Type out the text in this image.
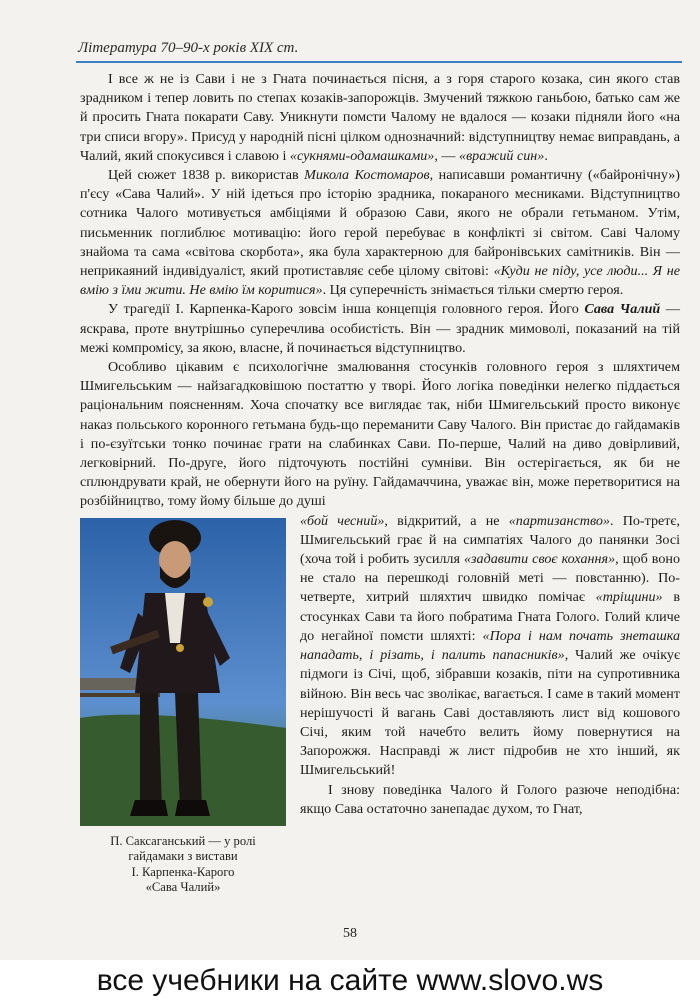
Література 70–90-х років XIX ст.

І все ж не із Сави і не з Гната починається пісня, а з горя старого козака, син якого став зрадником і тепер ловить по степах козаків-запорожців. Змучений тяжкою ганьбою, батько сам же й просить Гната покарати Саву. Уникнути помсти Чалому не вдалося — козаки підняли його «на три списи вгору». Присуд у народній пісні цілком однозначний: відступництву немає виправдань, а Чалий, який спокусився і славою і «сукнями-одамашками», — «вражий син».

Цей сюжет 1838 р. використав Микола Костомаров, написавши романтичну («байронічну») п'єсу «Сава Чалий». У ній ідеться про історію зрадника, покараного месниками. Відступництво сотника Чалого мотивується амбіціями й образою Сави, якого не обрали гетьманом. Утім, письменник поглиблює мотивацію: його герой перебуває в конфлікті зі світом. Саві Чалому знайома та сама «світова скорбота», яка була характерною для байронівських самітників. Він — неприкаяний індивідуаліст, який протиставляє себе цілому світові: «Куди не піду, усе люди... Я не вмію з їми жити. Не вмію їм коритися». Ця суперечність знімається тільки смертю героя.

У трагедії І. Карпенка-Карого зовсім інша концепція головного героя. Його Сава Чалий — яскрава, проте внутрішньо суперечлива особистість. Він — зрадник мимоволі, показаний на тій межі компромісу, за якою, власне, й починається відступництво.

Особливо цікавим є психологічне змалювання стосунків головного героя з шляхтичем Шмигельським — найзагадковішою постаттю у творі. Його логіка поведінки нелегко піддається раціональним поясненням. Хоча спочатку все виглядає так, ніби Шмигельський просто виконує наказ польського коронного гетьмана будь-що переманити Саву Чалого. Він пристає до гайдамаків і по-єзуїтськи тонко починає грати на слабинках Сави. По-перше, Чалий на диво довірливий, легковірний. По-друге, його підточують постійні сумніви. Він остерігається, як би не сплюндрувати край, не обернути його на руїну. Гайдамаччина, уважає він, може перетворитися на розбійництво, тому йому більше до душі

П. Саксаганський — у ролі
гайдамаки з вистави
І. Карпенка-Карого
«Сава Чалий»

«бой чесний», відкритий, а не «партизанство». По-третє, Шмигельський грає й на симпатіях Чалого до панянки Зосі (хоча той і робить зусилля «задавити своє кохання», щоб воно не стало на перешкоді головній меті — повстанню). По-четверте, хитрий шляхтич швидко помічає «тріщини» в стосунках Сави та його побратима Гната Голого. Голий кличе до негайної помсти шляхті: «Пора і нам почать знеташка нападать, і різать, і палить папасників», Чалий же очікує підмоги із Січі, щоб, зібравши козаків, піти на супротивника війною. Він весь час зволікає, вагається. І саме в такий момент нерішучості й вагань Саві доставляють лист від кошового Січі, яким той начебто велить йому повернутися на Запорожжя. Насправді ж лист підробив не хто інший, як Шмигельський!

І знову поведінка Чалого й Голого разюче неподібна: якщо Сава остаточно занепадає духом, то Гнат,

58
все учебники на сайте www.slovo.ws
